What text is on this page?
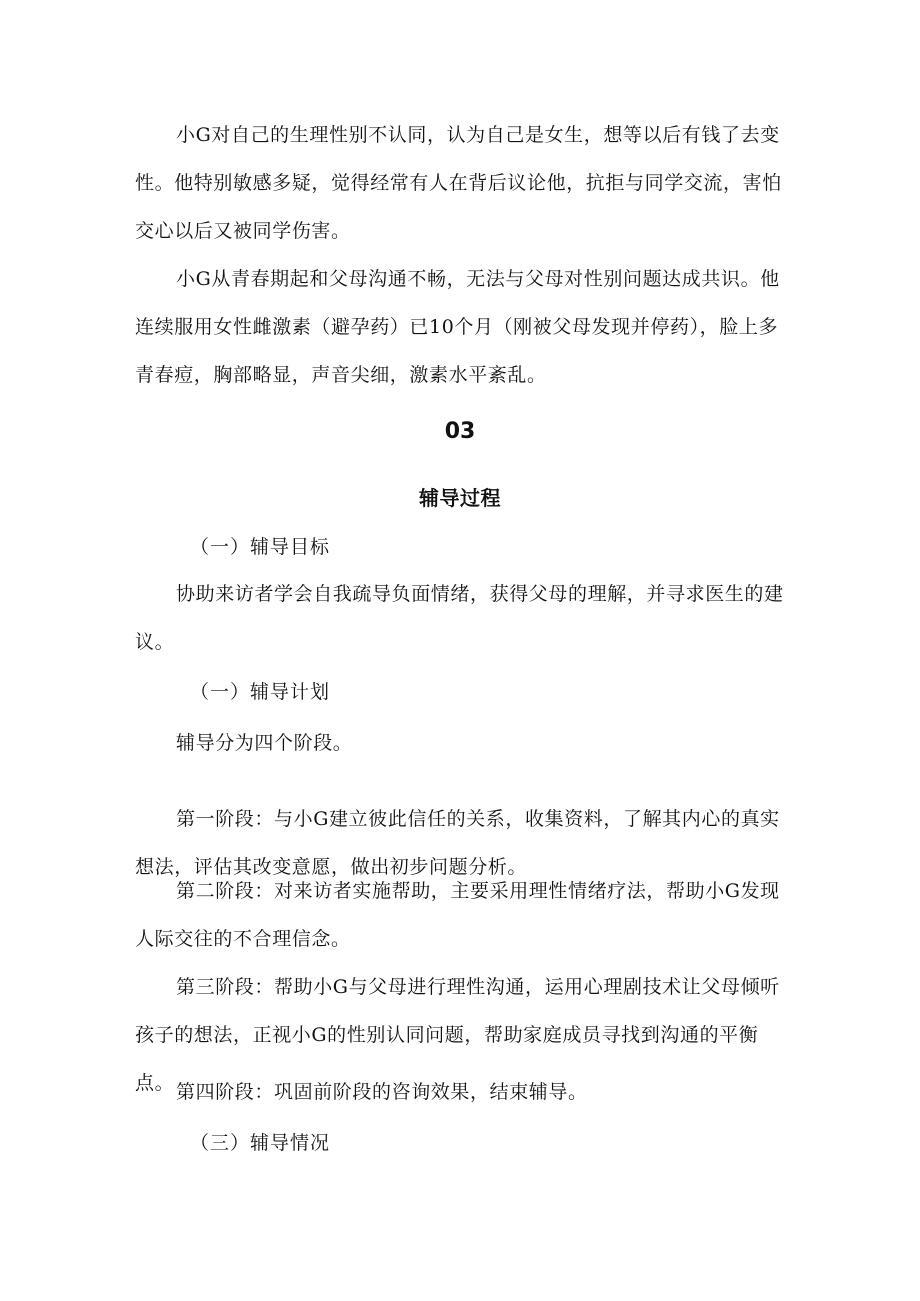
小G对自己的生理性别不认同，认为自己是女生，想等以后有钱了去变性。他特别敏感多疑，觉得经常有人在背后议论他，抗拒与同学交流，害怕交心以后又被同学伤害。

小G从青春期起和父母沟通不畅，无法与父母对性别问题达成共识。他连续服用女性雌激素（避孕药）已10个月（刚被父母发现并停药），脸上多青春痘，胸部略显，声音尖细，激素水平紊乱。

03
辅导过程

（一）辅导目标

协助来访者学会自我疏导负面情绪，获得父母的理解，并寻求医生的建议。

（一）辅导计划

辅导分为四个阶段。

第一阶段：与小G建立彼此信任的关系，收集资料，了解其内心的真实想法，评估其改变意愿，做出初步问题分析。

第二阶段：对来访者实施帮助，主要采用理性情绪疗法，帮助小G发现人际交往的不合理信念。

第三阶段：帮助小G与父母进行理性沟通，运用心理剧技术让父母倾听孩子的想法，正视小G的性别认同问题，帮助家庭成员寻找到沟通的平衡点。 第四阶段：巩固前阶段的咨询效果，结束辅导。

（三）辅导情况
